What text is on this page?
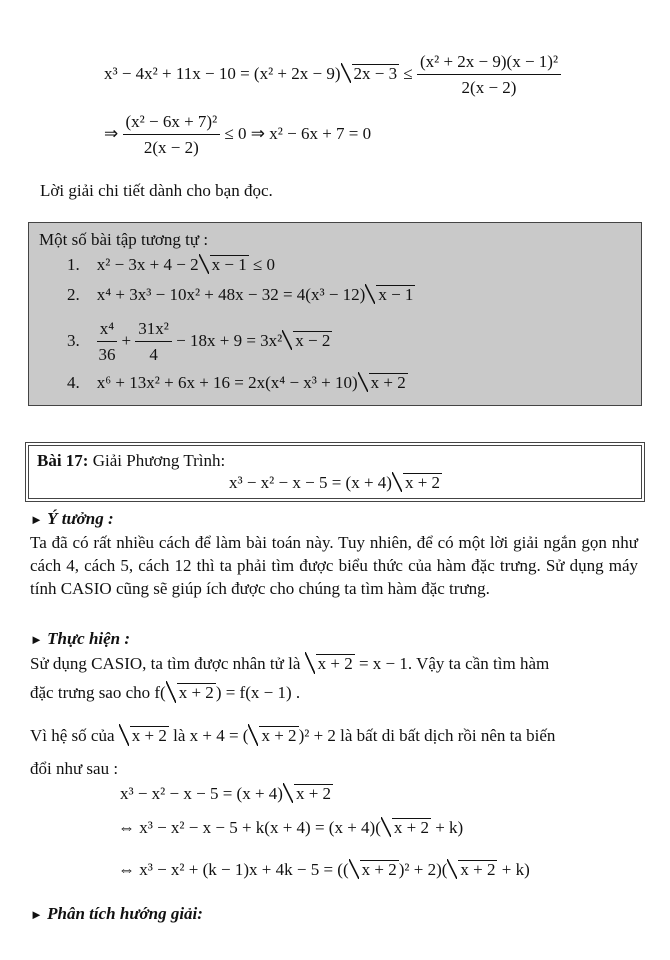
x³ − 4x² + 11x − 10 = (x² + 2x − 9) $2x - 3 \le \frac{\text{(x² + 2x − 9)(x − 1)²}}{2(x - 2)}$
⇒ $\frac{\text{(x² − 6x + 7)²}}{2(x - 2)} \le 0$ ⇒ x² − 6x + 7 = 0
Lời giải chi tiết dành cho bạn đọc.
Một số bài tập tương tự :
1. x² − 3x + 4 − 2 x − 1 ≤ 0
2. x⁴ + 3x³ − 10x² + 48x − 32 = 4(x³ − 12) x − 1
3. $\frac{\text{x⁴}}{36} + \frac{\text{31x²}}{4} - 18x + 9 = 3x^2$ x − 2
4. x⁶ + 13x² + 6x + 16 = 2x(x⁴ − x³ + 10) x + 2
Bài 17: Giải Phương Trình:
x³ − x² − x − 5 = (x + 4) x + 2
► Ý tưởng :
Ta đã có rất nhiều cách để làm bài toán này. Tuy nhiên, để có một lời giải ngắn gọn như cách 4, cách 5, cách 12 thì ta phải tìm được biểu thức của hàm đặc trưng. Sử dụng máy tính CASIO cũng sẽ giúp ích được cho chúng ta tìm hàm đặc trưng.
► Thực hiện :
Sử dụng CASIO, ta tìm được nhân tử là x + 2 = x − 1. Vậy ta cần tìm hàm
đặc trưng sao cho f( x + 2 ) = f(x − 1) .
Vì hệ số của x + 2 là x + 4 = ( x + 2 )² + 2 là bất di bất dịch rồi nên ta biến
đổi như sau :
x³ − x² − x − 5 = (x + 4) x + 2
⇔ x³ − x² − x − 5 + k(x + 4) = (x + 4)( x + 2 + k)
⇔ x³ − x² + (k − 1)x + 4k − 5 = (( x + 2 )² + 2)( x + 2 + k)
► Phân tích hướng giải:
